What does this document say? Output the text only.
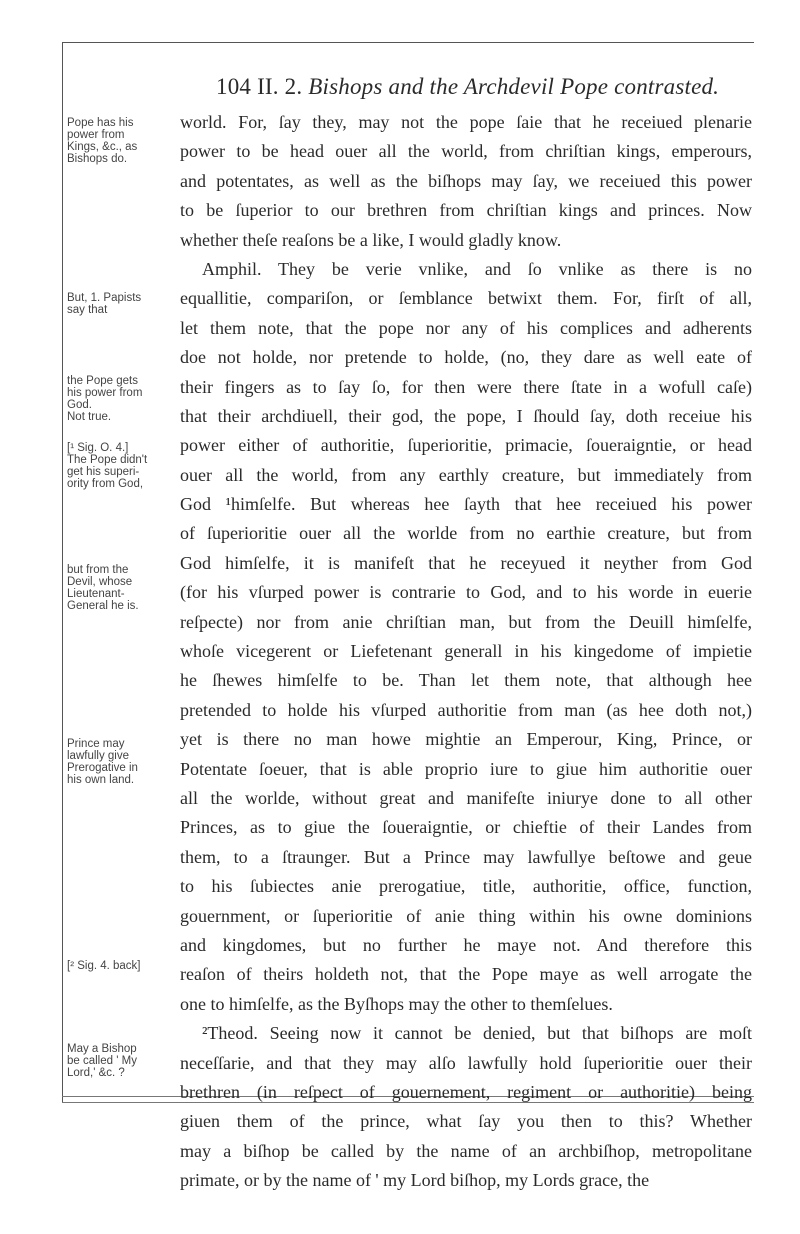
104 II. 2. Bishops and the Archdevil Pope contrasted.
Pope has his
power from
Kings, &c., as
Bishops do.
But, 1. Papists
say that
the Pope gets
his power from
God.
Not true.
[¹ Sig. O. 4.]
The Pope didn't
get his superi-
ority from God,
but from the
Devil, whose
Lieutenant-
General he is.
Prince may
lawfully give
Prerogative in
his own land.
[² Sig. 4. back]
May a Bishop
be called ' My
Lord,' &c. ?
world. For, ſay they, may not the pope ſaie that he receiued plenarie
power to be head ouer all the world, from chriſtian kings, emperours,
and potentates, as well as the biſhops may ſay, we receiued this power
to be ſuperior to our brethren from chriſtian kings and princes. Now
whether theſe reaſons be a like, I would gladly know.
Amphil. They be verie vnlike, and ſo vnlike as there is no
equallitie, compariſon, or ſemblance betwixt them. For, firſt of all,
let them note, that the pope nor any of his complices and adherents
doe not holde, nor pretende to holde, (no, they dare as well eate of
their fingers as to ſay ſo, for then were there ſtate in a wofull caſe)
that their archdiuell, their god, the pope, I ſhould ſay, doth receiue his
power either of authoritie, ſuperioritie, primacie, ſoueraigntie, or head
ouer all the world, from any earthly creature, but immediately from
God ¹himſelfe. But whereas hee ſayth that hee receiued his power
of ſuperioritie ouer all the worlde from no earthie creature, but from
God himſelfe, it is manifeſt that he receyued it neyther from God
(for his vſurped power is contrarie to God, and to his worde in euerie
reſpecte) nor from anie chriſtian man, but from the Deuill himſelfe,
whoſe vicegerent or Liefetenant generall in his kingedome of impietie
he ſhewes himſelfe to be. Than let them note, that although hee
pretended to holde his vſurped authoritie from man (as hee doth not,)
yet is there no man howe mightie an Emperour, King, Prince, or
Potentate ſoeuer, that is able proprio iure to giue him authoritie ouer
all the worlde, without great and manifeſte iniurye done to all other
Princes, as to giue the ſoueraigntie, or chieftie of their Landes from
them, to a ſtraunger. But a Prince may lawfullye beſtowe and geue
to his ſubiectes anie prerogatiue, title, authoritie, office, function,
gouernment, or ſuperioritie of anie thing within his owne dominions
and kingdomes, but no further he maye not. And therefore this
reaſon of theirs holdeth not, that the Pope maye as well arrogate the
one to himſelfe, as the Byſhops may the other to themſelues.
²Theod. Seeing now it cannot be denied, but that biſhops are moſt
neceſſarie, and that they may alſo lawfully hold ſuperioritie ouer their
brethren (in reſpect of gouernement, regiment or authoritie) being
giuen them of the prince, what ſay you then to this? Whether
may a biſhop be called by the name of an archbiſhop, metropolitane
primate, or by the name of ' my Lord biſhop, my Lords grace, the
